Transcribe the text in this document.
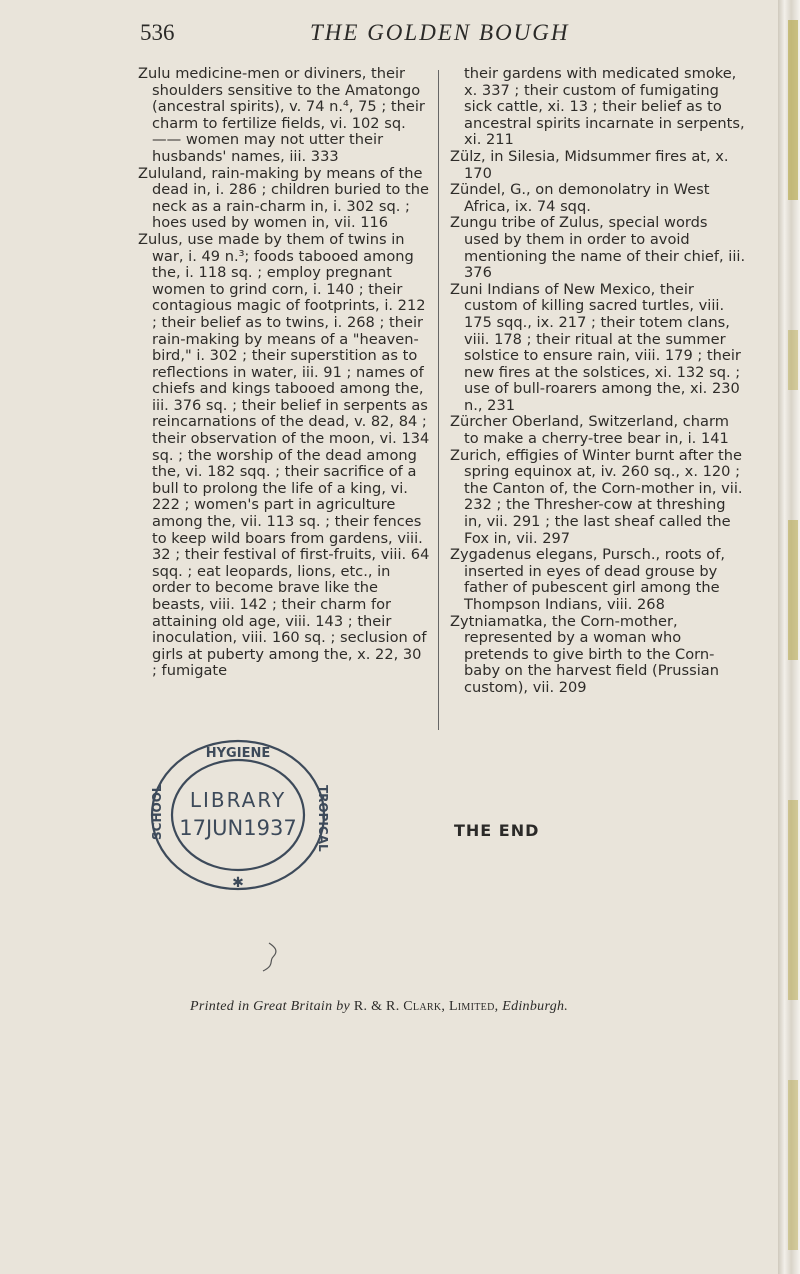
536	THE GOLDEN BOUGH
Zulu medicine-men or diviners, their shoulders sensitive to the Amatongo (ancestral spirits), v. 74 n.⁴, 75 ; their charm to fertilize fields, vi. 102 sq.
—— women may not utter their husbands' names, iii. 333
Zululand, rain-making by means of the dead in, i. 286 ; children buried to the neck as a rain-charm in, i. 302 sq. ; hoes used by women in, vii. 116
Zulus, use made by them of twins in war, i. 49 n.³; foods tabooed among the, i. 118 sq. ; employ pregnant women to grind corn, i. 140 ; their contagious magic of footprints, i. 212 ; their belief as to twins, i. 268 ; their rain-making by means of a "heaven-bird," i. 302 ; their superstition as to reflections in water, iii. 91 ; names of chiefs and kings tabooed among the, iii. 376 sq. ; their belief in serpents as reincarnations of the dead, v. 82, 84 ; their observation of the moon, vi. 134 sq. ; the worship of the dead among the, vi. 182 sqq. ; their sacrifice of a bull to prolong the life of a king, vi. 222 ; women's part in agriculture among the, vii. 113 sq. ; their fences to keep wild boars from gardens, viii. 32 ; their festival of first-fruits, viii. 64 sqq. ; eat leopards, lions, etc., in order to become brave like the beasts, viii. 142 ; their charm for attaining old age, viii. 143 ; their inoculation, viii. 160 sq. ; seclusion of girls at puberty among the, x. 22, 30 ; fumigate
their gardens with medicated smoke, x. 337 ; their custom of fumigating sick cattle, xi. 13 ; their belief as to ancestral spirits incarnate in serpents, xi. 211
Zülz, in Silesia, Midsummer fires at, x. 170
Zündel, G., on demonolatry in West Africa, ix. 74 sqq.
Zungu tribe of Zulus, special words used by them in order to avoid mentioning the name of their chief, iii. 376
Zuni Indians of New Mexico, their custom of killing sacred turtles, viii. 175 sqq., ix. 217 ; their totem clans, viii. 178 ; their ritual at the summer solstice to ensure rain, viii. 179 ; their new fires at the solstices, xi. 132 sq. ; use of bull-roarers among the, xi. 230 n., 231
Zürcher Oberland, Switzerland, charm to make a cherry-tree bear in, i. 141
Zurich, effigies of Winter burnt after the spring equinox at, iv. 260 sq., x. 120 ; the Canton of, the Corn-mother in, vii. 232 ; the Thresher-cow at threshing in, vii. 291 ; the last sheaf called the Fox in, vii. 297
Zygadenus elegans, Pursch., roots of, inserted in eyes of dead grouse by father of pubescent girl among the Thompson Indians, viii. 268
Zytniamatka, the Corn-mother, represented by a woman who pretends to give birth to the Corn-baby on the harvest field (Prussian custom), vii. 209
HYGIENE
LIBRARY
17JUN1937
SCHOOL	TROPICAL
✱
THE END
Printed in Great Britain by R. & R. Clark, Limited, Edinburgh.
